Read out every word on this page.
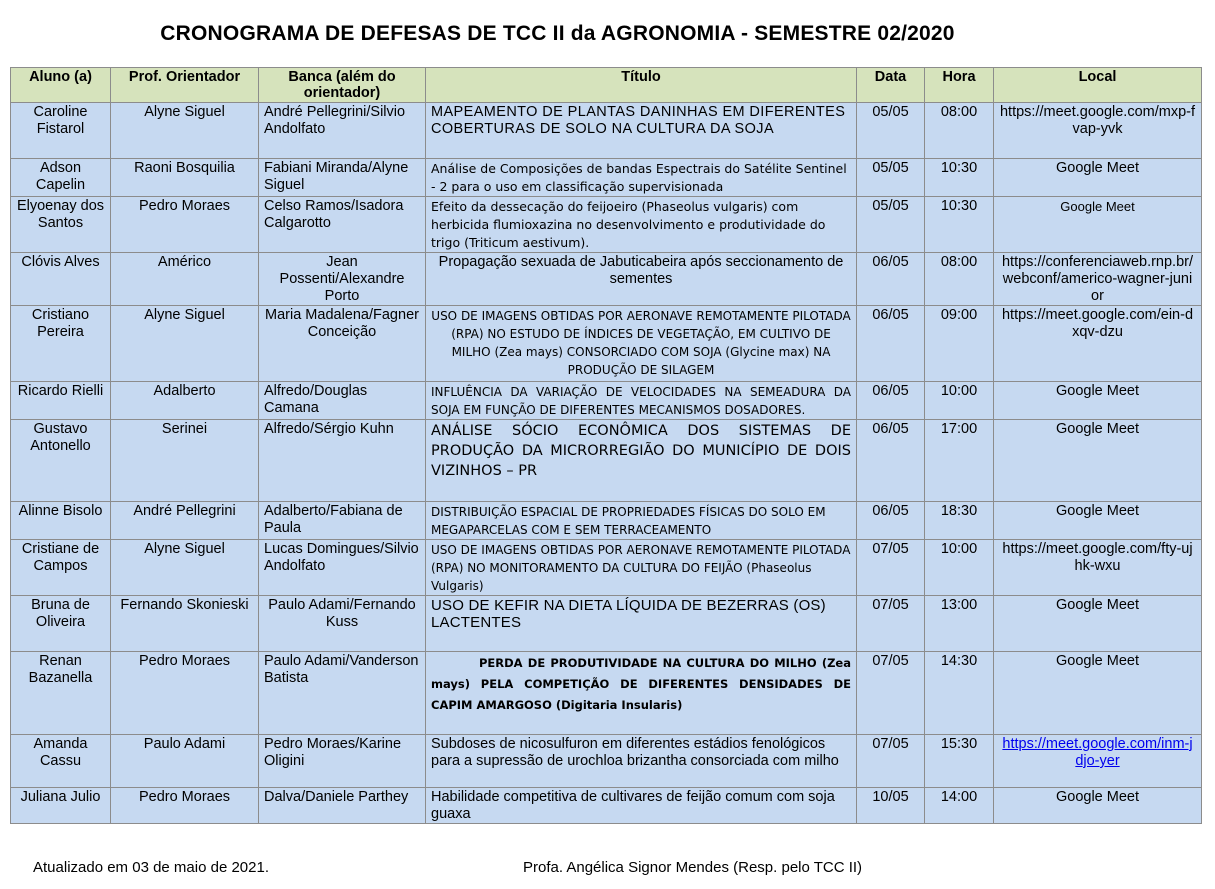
CRONOGRAMA DE DEFESAS DE TCC II da AGRONOMIA - SEMESTRE 02/2020
Aluno (a)	Prof. Orientador	Banca (além do orientador)	Título	Data	Hora	Local
Caroline Fistarol	Alyne Siguel	André Pellegrini/Silvio Andolfato	MAPEAMENTO DE PLANTAS DANINHAS EM DIFERENTES COBERTURAS DE SOLO NA CULTURA DA SOJA	05/05	08:00	https://meet.google.com/mxp-fvap-yvk
Adson Capelin	Raoni Bosquilia	Fabiani Miranda/Alyne Siguel	Análise de Composições de bandas Espectrais do Satélite Sentinel - 2 para o uso em classificação supervisionada	05/05	10:30	Google Meet
Elyoenay dos Santos	Pedro Moraes	Celso Ramos/Isadora Calgarotto	Efeito da dessecação do feijoeiro (Phaseolus vulgaris) com herbicida flumioxazina no desenvolvimento e produtividade do trigo (Triticum aestivum).	05/05	10:30	Google Meet
Clóvis Alves	Américo	Jean Possenti/Alexandre Porto	Propagação sexuada de Jabuticabeira após seccionamento de sementes	06/05	08:00	https://conferenciaweb.rnp.br/webconf/americo-wagner-junior
Cristiano Pereira	Alyne Siguel	Maria Madalena/Fagner Conceição	USO DE IMAGENS OBTIDAS POR AERONAVE REMOTAMENTE PILOTADA (RPA) NO ESTUDO DE ÍNDICES DE VEGETAÇÃO, EM CULTIVO DE MILHO (Zea mays) CONSORCIADO COM SOJA (Glycine max) NA PRODUÇÃO DE SILAGEM	06/05	09:00	https://meet.google.com/ein-dxqv-dzu
Ricardo Rielli	Adalberto	Alfredo/Douglas Camana	INFLUÊNCIA DA VARIAÇÃO DE VELOCIDADES NA SEMEADURA DA SOJA EM FUNÇÃO DE DIFERENTES MECANISMOS DOSADORES.	06/05	10:00	Google Meet
Gustavo Antonello	Serinei	Alfredo/Sérgio Kuhn	ANÁLISE SÓCIO ECONÔMICA DOS SISTEMAS DE PRODUÇÃO DA MICRORREGIÃO DO MUNICÍPIO DE DOIS VIZINHOS – PR	06/05	17:00	Google Meet
Alinne Bisolo	André Pellegrini	Adalberto/Fabiana de Paula	DISTRIBUIÇÃO ESPACIAL DE PROPRIEDADES FÍSICAS DO SOLO EM MEGAPARCELAS COM E SEM TERRACEAMENTO	06/05	18:30	Google Meet
Cristiane de Campos	Alyne Siguel	Lucas Domingues/Silvio Andolfato	USO DE IMAGENS OBTIDAS POR AERONAVE REMOTAMENTE PILOTADA (RPA) NO MONITORAMENTO DA CULTURA DO FEIJÃO (Phaseolus Vulgaris)	07/05	10:00	https://meet.google.com/fty-ujhk-wxu
Bruna de Oliveira	Fernando Skonieski	Paulo Adami/Fernando Kuss	USO DE KEFIR NA DIETA LÍQUIDA DE BEZERRAS (OS) LACTENTES	07/05	13:00	Google Meet
Renan Bazanella	Pedro Moraes	Paulo Adami/Vanderson Batista	PERDA DE PRODUTIVIDADE NA CULTURA DO MILHO (Zea mays) PELA COMPETIÇÃO DE DIFERENTES DENSIDADES DE CAPIM AMARGOSO (Digitaria Insularis)	07/05	14:30	Google Meet
Amanda Cassu	Paulo Adami	Pedro Moraes/Karine Oligini	Subdoses de nicosulfuron em diferentes estádios fenológicos para a supressão de urochloa brizantha consorciada com milho	07/05	15:30	https://meet.google.com/inm-jdjo-yer
Juliana Julio	Pedro Moraes	Dalva/Daniele Parthey	Habilidade competitiva de cultivares de feijão comum com soja guaxa	10/05	14:00	Google Meet
Atualizado em 03 de maio de 2021.	Profa. Angélica Signor Mendes (Resp. pelo TCC II)
